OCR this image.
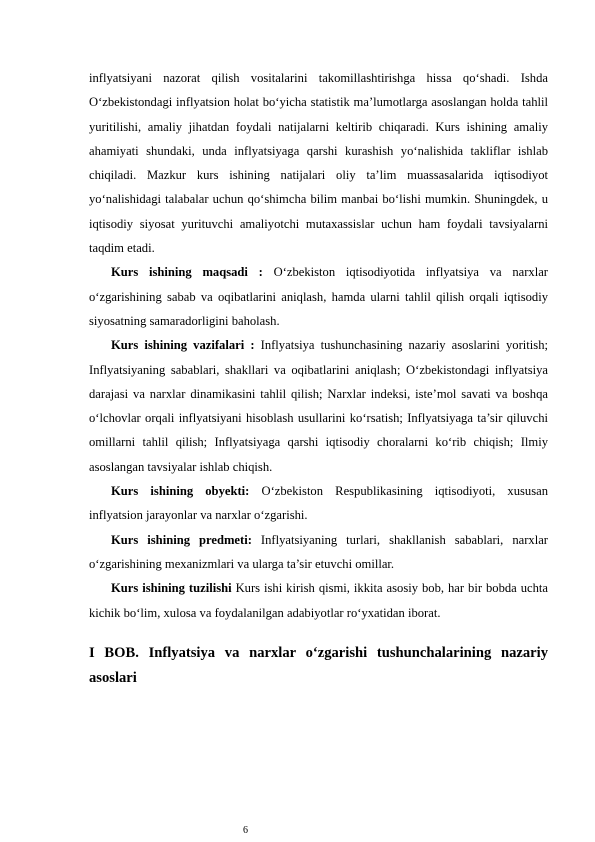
inflyatsiyani nazorat qilish vositalarini takomillashtirishga hissa qo‘shadi. Ishda O‘zbekistondagi inflyatsion holat bo‘yicha statistik ma’lumotlarga asoslangan holda tahlil yuritilishi, amaliy jihatdan foydali natijalarni keltirib chiqaradi. Kurs ishining amaliy ahamiyati shundaki, unda inflyatsiyaga qarshi kurashish yo‘nalishida takliflar ishlab chiqiladi. Mazkur kurs ishining natijalari oliy ta’lim muassasalarida iqtisodiyot yo‘nalishidagi talabalar uchun qo‘shimcha bilim manbai bo‘lishi mumkin. Shuningdek, u iqtisodiy siyosat yurituvchi amaliyotchi mutaxassislar uchun ham foydali tavsiyalarni taqdim etadi.

Kurs ishining maqsadi : O‘zbekiston iqtisodiyotida inflyatsiya va narxlar o‘zgarishining sabab va oqibatlarini aniqlash, hamda ularni tahlil qilish orqali iqtisodiy siyosatning samaradorligini baholash.

Kurs ishining vazifalari : Inflyatsiya tushunchasining nazariy asoslarini yoritish; Inflyatsiyaning sabablari, shakllari va oqibatlarini aniqlash; O‘zbekistondagi inflyatsiya darajasi va narxlar dinamikasini tahlil qilish; Narxlar indeksi, iste’mol savati va boshqa o‘lchovlar orqali inflyatsiyani hisoblash usullarini ko‘rsatish; Inflyatsiyaga ta’sir qiluvchi omillarni tahlil qilish; Inflyatsiyaga qarshi iqtisodiy choralarni ko‘rib chiqish; Ilmiy asoslangan tavsiyalar ishlab chiqish.

Kurs ishining obyekti: O‘zbekiston Respublikasining iqtisodiyoti, xususan inflyatsion jarayonlar va narxlar o‘zgarishi.

Kurs ishining predmeti: Inflyatsiyaning turlari, shakllanish sabablari, narxlar o‘zgarishining mexanizmlari va ularga ta’sir etuvchi omillar.

Kurs ishining tuzilishi Kurs ishi kirish qismi, ikkita asosiy bob, har bir bobda uchta kichik bo‘lim, xulosa va foydalanilgan adabiyotlar ro‘yxatidan iborat.

I BOB. Inflyatsiya va narxlar o‘zgarishi tushunchalarining nazariy asoslari
6
